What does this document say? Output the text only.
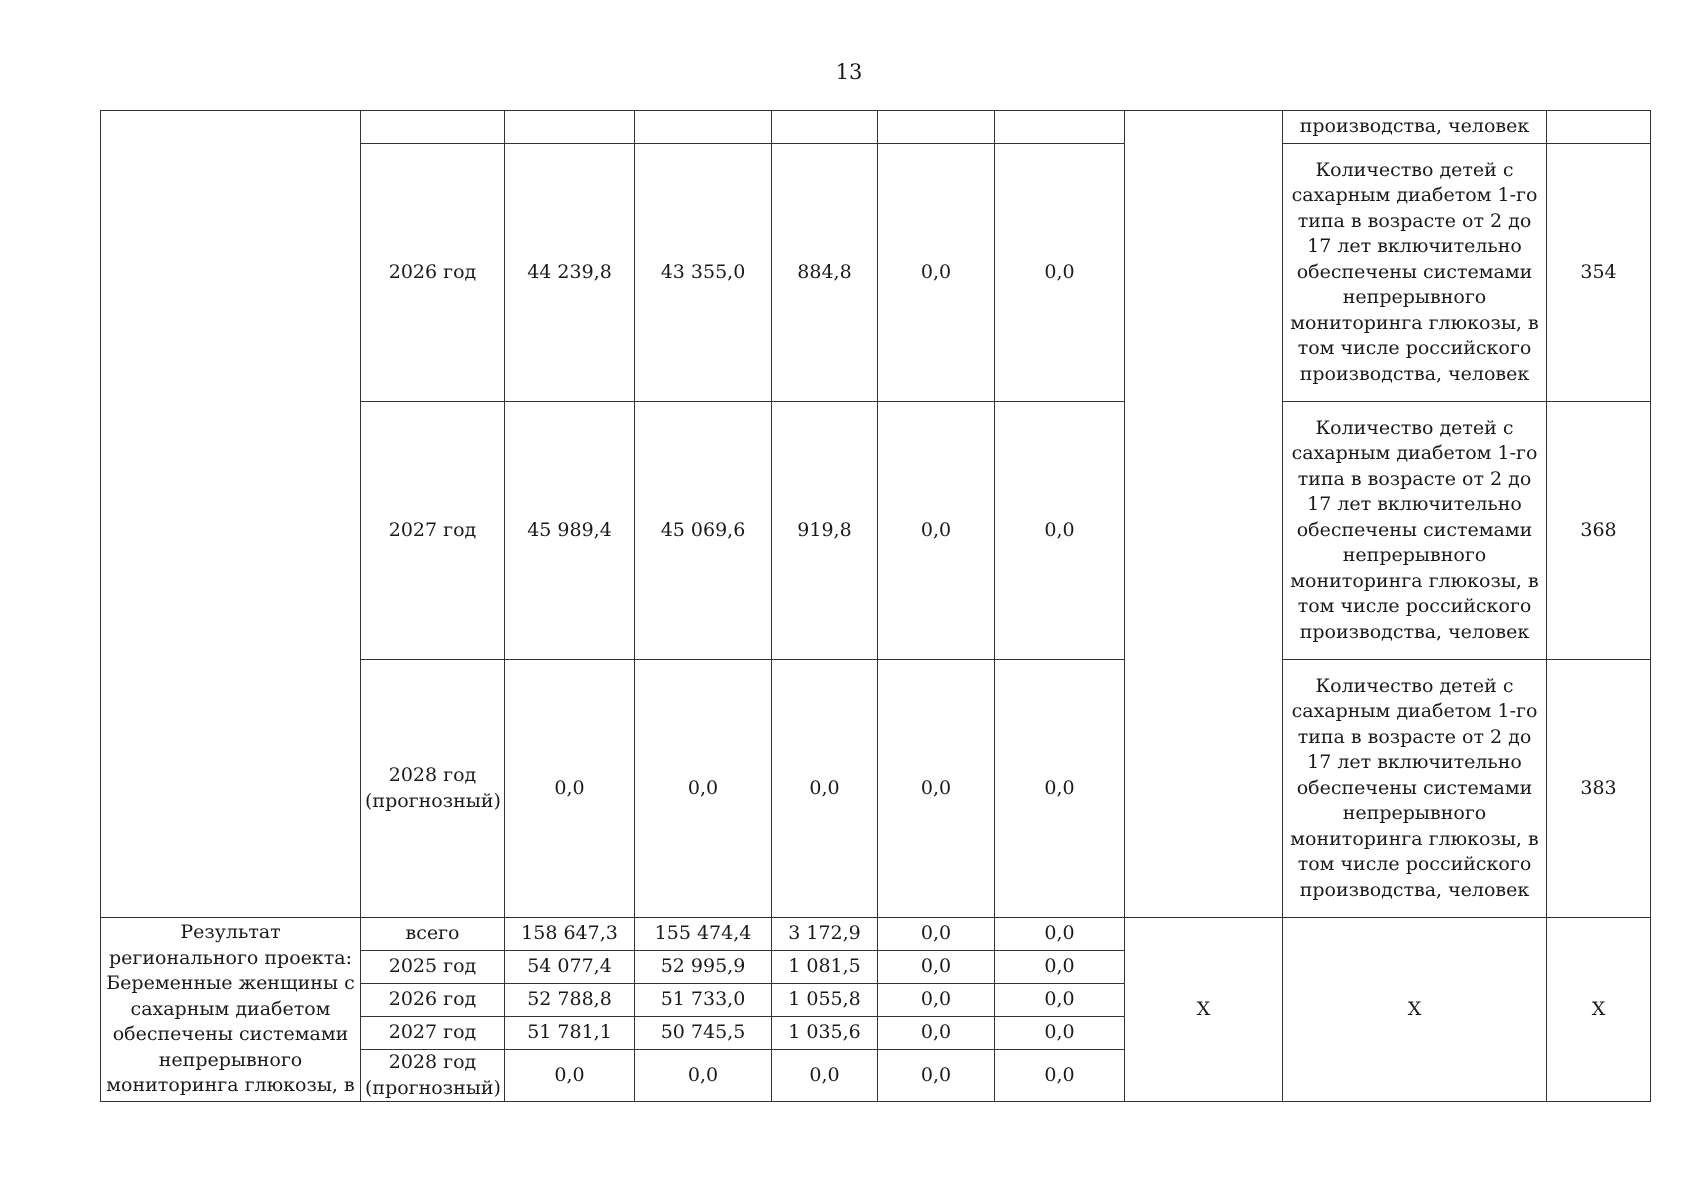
13
								производства, человек	
	2026 год	44 239,8	43 355,0	884,8	0,0	0,0		Количество детей с сахарным диабетом 1-го типа в возрасте от 2 до 17 лет включительно обеспечены системами непрерывного мониторинга глюкозы, в том числе российского производства, человек	354
	2027 год	45 989,4	45 069,6	919,8	0,0	0,0		Количество детей с сахарным диабетом 1-го типа в возрасте от 2 до 17 лет включительно обеспечены системами непрерывного мониторинга глюкозы, в том числе российского производства, человек	368
	2028 год (прогнозный)	0,0	0,0	0,0	0,0	0,0		Количество детей с сахарным диабетом 1-го типа в возрасте от 2 до 17 лет включительно обеспечены системами непрерывного мониторинга глюкозы, в том числе российского производства, человек	383
Результат регионального проекта: Беременные женщины с сахарным диабетом обеспечены системами непрерывного мониторинга глюкозы, в	всего	158 647,3	155 474,4	3 172,9	0,0	0,0	X	X	X
	2025 год	54 077,4	52 995,9	1 081,5	0,0	0,0			
	2026 год	52 788,8	51 733,0	1 055,8	0,0	0,0			
	2027 год	51 781,1	50 745,5	1 035,6	0,0	0,0			
	2028 год (прогнозный)	0,0	0,0	0,0	0,0	0,0			
